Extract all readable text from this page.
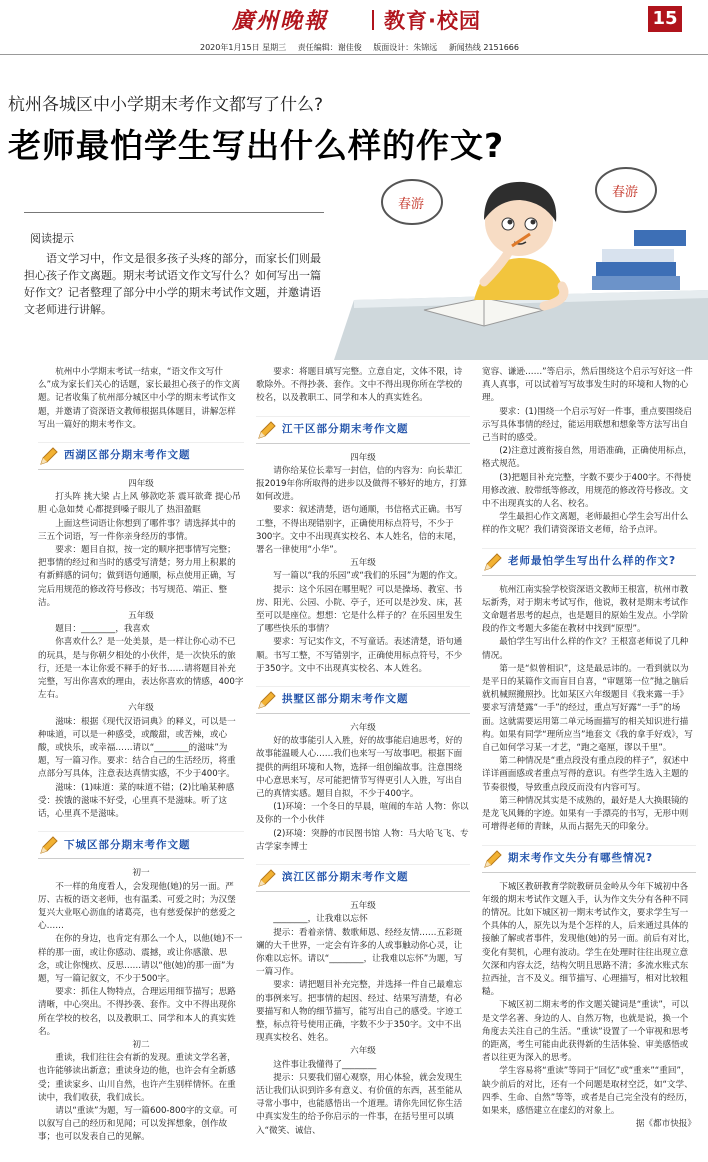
廣州晚報	教育·校园	15
2020年1月15日 星期三 责任编辑：谢佳俊 版面设计：朱锦远 新闻热线 2151666
杭州各城区中小学期末考作文都写了什么?
老师最怕学生写出什么样的作文?
阅读提示

语文学习中，作文是很多孩子头疼的部分，而家长们则最担心孩子作文离题。期末考试语文作文写什么？如何写出一篇好作文？记者整理了部分中小学的期末考试作文题，并邀请语文老师进行讲解。

春游
春游

杭州中小学期末考试一结束，“语文作文写什么”成为家长们关心的话题，家长最担心孩子的作文离题。记者收集了杭州部分城区中小学的期末考试作文题，并邀请了资深语文教师根据具体题目，讲解怎样写出一篇好的期末考作文。

西湖区部分期末考作文题

四年级

打头阵 挑大梁 占上风 够款吃茶 震耳欲聋 提心吊胆 心急如焚 心都提到嗓子眼儿了 热泪盈眶

上面这些词语让你想到了哪件事？请选择其中的三五个词语，写一件你亲身经历的事情。

要求：题目自拟，按一定的顺序把事情写完整；把事情的经过和当时的感受写清楚；努力用上积累的有新鲜感的词句；做到语句通顺，标点使用正确，写完后用规范的修改符号修改；书写规范、端正、整洁。

五年级

题目：________，我喜欢

你喜欢什么？是一处美景，是一样让你心动不已的玩具，是与你朝夕相处的小伙伴，是一次快乐的旅行，还是一本让你爱不释手的好书……请将题目补充完整，写出你喜欢的理由，表达你喜欢的情感，400字左右。

六年级

滋味：根据《现代汉语词典》的释义，可以是一种味道，可以是一种感受，或酸甜，或苦辣，或心酸，或快乐，或幸福……请以“________的滋味”为题，写一篇习作。要求：结合自己的生活经历，将重点部分写具体，注意表达真情实感，不少于400字。

滋味：(1)味道：菜的味道不错；(2)比喻某种感受：挨饿的滋味不好受，心里真不是滋味。听了这话，心里真不是滋味。

下城区部分期末考作文题

初一

不一样的角度看人，会发现他(她)的另一面。严厉、古板的语文老师，也有温柔、可爱之时；为汉堡复兴大业呕心沥血的诸葛亮，也有慈爱保护的慈爱之心……

在你的身边，也肯定有那么一个人，以他(她)不一样的那一面，或让你感动、震撼，或让你感激、思念，或让你愧疚、反思……请以“他(她)的那一面”为题，写一篇记叙文，不少于500字。

要求：抓住人物特点，合理运用细节描写；思路清晰，中心突出。不得抄袭、套作。文中不得出现你所在学校的校名，以及教职工、同学和本人的真实姓名。

初二

重读，我们往往会有新的发现。重读文学名著，也许能够读出新意；重读身边的他，也许会有全新感受；重读家乡、山川自然，也许产生别样情怀。在重读中，我们收获，我们成长。

请以“重读”为题，写一篇600-800字的文章。可以叙写自己的经历和见闻；可以发挥想象，创作故事；也可以发表自己的见解。

要求：将题目填写完整。立意自定，文体不限，诗歌除外。不得抄袭、套作。文中不得出现你所在学校的校名，以及教职工、同学和本人的真实姓名。

江干区部分期末考作文题

四年级

请你给某位长辈写一封信，信的内容为：向长辈汇报2019年你所取得的进步以及做得不够好的地方，打算如何改进。

要求：叙述清楚，语句通顺，书信格式正确。书写工整，不得出现错别字，正确使用标点符号，不少于300字。文中不出现真实校名、本人姓名，信的末尾，署名一律使用“小华”。

五年级

写一篇以“我的乐园”或“我们的乐园”为题的作文。

提示：这个乐园在哪里呢？可以是操场、教室、书房、阳光、公园、小院、亭子，还可以是沙发、床，甚至可以是座位。想想：它是什么样子的？在乐园里发生了哪些快乐的事情？

要求：写记实作文，不写童话。表述清楚，语句通顺。书写工整，不写错别字，正确使用标点符号，不少于350字。文中不出现真实校名、本人姓名。

拱墅区部分期末考作文题

六年级

好的故事能引人入胜，好的故事能启迪思考，好的故事能温暖人心……我们也来写一写故事吧。根据下面提供的两组环境和人物，选择一组创编故事。注意围绕中心意思来写，尽可能把情节写得更引人入胜，写出自己的真情实感。题目自拟，不少于400字。

(1)环境：一个冬日的早晨，喧闹的车站 人物：你以及你的一个小伙伴

(2)环境：突静的市民图书馆 人物：马大哈飞飞、专古学家李博士

滨江区部分期末考作文题

五年级

________，让我难以忘怀

提示：看着亲情、数歌师恩、经经友情……五彩斑斓的大千世界，一定会有许多的人或事触动你心灵，让你难以忘怀。请以“________，让我难以忘怀”为题，写一篇习作。

要求：请把题目补充完整，并选择一件自己最难忘的事例来写。把事情的起因、经过、结果写清楚，有必要描写和人物的细节描写，能写出自己的感受。字迹工整，标点符号使用正确，字数不少于350字。文中不出现真实校名、姓名。

六年级

这件事让我懂得了________

提示：只要我们留心观察，用心体验，就会发现生活让我们认识到许多有意义、有价值的东西，甚至能从寻常小事中，也能感悟出一个道理。请你先回忆你生活中真实发生的给予你启示的一件事，在括号里可以填入“微笑、诚信、

宽容、谦逊……”等启示，然后围绕这个启示写好这一件真人真事，可以试着写写故事发生时的环境和人物的心理。

要求：(1)围绕一个启示写好一件事，重点要围绕启示写具体事情的经过，能运用联想和想象等方法写出自己当时的感受。

(2)注意过渡衔接自然，用语准确，正确使用标点，格式规范。

(3)把题目补充完整，字数不要少于400字。不得使用修改液、胶带纸等修改，用规范的修改符号修改。文中不出现真实的人名、校名。

学生最担心作文离题，老师最担心学生会写出什么样的作文呢？我们请资深语文老师，给予点评。

老师最怕学生写出什么样的作文?

杭州江南实验学校资深语文教师王根富，杭州市教坛新秀，对于期末考试写作，他说，教材是期末考试作文命题者思考的起点，也是题目的原始生发点。小学阶段的作文考题大多能在教材中找到“原型”。

最怕学生写出什么样的作文？王根富老师说了几种情况。

第一是“似曾相识”，这是最忌讳的。一看到就以为是平日的某篇作文而盲目自喜，“审题第一位”抛之脑后就机械照搬照抄。比如某区六年级题目《我来露一手》要求写清楚露“一手”的经过，重点写好露“一手”的场面。这就需要运用第二单元场面描写的相关知识进行描构。如果有同学“理所应当”地套文《我的拿手好戏》，写自己如何学习某一才艺，“跑之毫厘，谬以千里”。

第二种情况是“重点段没有重点段的样子”，叙述中详详画面感或者重点写得的意识。有些学生选入主题的节奏很慢，导致重点段反而没有内容可写。

第三种情况其实是不成熟的，最好是人大换眼镜的是龙飞风舞的字迹。如果有一手漂亮的书写，无形中则可增得老师的青睐，从而占据先天的印象分。

期末考作文失分有哪些情况?

下城区教研教育学院教研员金岭从今年下城初中各年级的期末考试作文题入手，认为作文失分有各种不同的情况。比如下城区初一期末考试作文，要求学生写一个具体的人，原先以为是个怎样的人，后来通过具体的接触了解或者事件，发现他(她)的另一面。前后有对比，变化有契机，心理有波动。学生在处理时往往出现立意欠深和内容太泛，结构欠明且思路不清；多流水账式东拉西扯，言不及义。细节描写、心理描写，相对比较粗糙。

下城区初二期末考的作文题关键词是“重读”，可以是文学名著、身边的人、自然万物，也就是说，换一个角度去关注自己的生活。“重读”设置了一个审视和思考的距离，考生可能由此获得新的生活体验、审美感悟或者以往更为深入的思考。

学生容易将“重读”等同于“回忆”或“重来”“重回”，缺少前后的对比，还有一个问题是取材空泛，如“文学、四季、生命、自然”等等，或者是自己完全没有的经历，如果来，感悟建立在虚幻的对象上。

据《都市快报》
